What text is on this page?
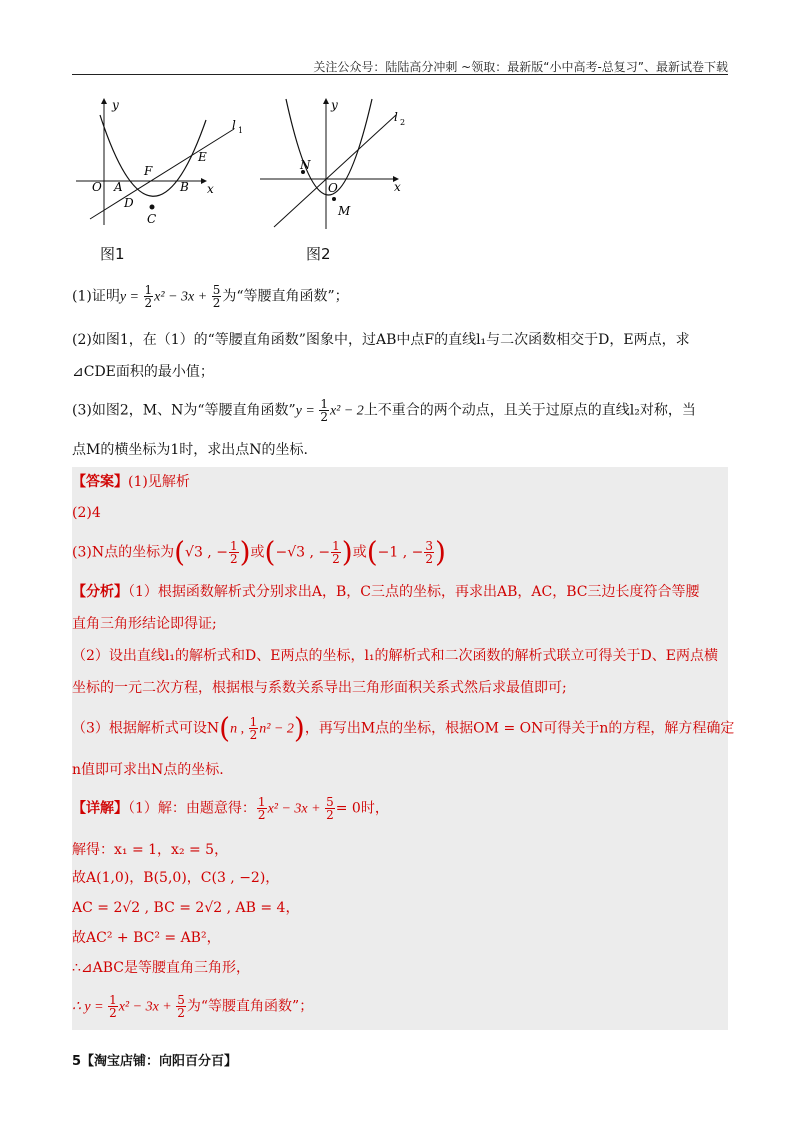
关注公众号：陆陆高分冲刺 ~领取：最新版“小中高考-总复习”、最新试卷下载
y
x
O A	B
C
D
E
F
l 1
图1
y
x
O
M
N
l 2
图2
(1)证明$y = \frac{1}{2} x^2 - 3x + \frac{5}{2}$ 为“等腰直角函数”；
(2)如图1，在（1）的“等腰直角函数”图象中，过AB中点F的直线l₁与二次函数相交于D，E两点，求
⊿CDE面积的最小值；
(3)如图2，M、N为“等腰直角函数”y = $\frac{1}{2} x^2 - 2$上不重合的两个动点，且关于过原点的直线l₂对称，当
点M的横坐标为1时，求出点N的坐标.
【答案】(1)见解析
(2)4
(3)N点的坐标为(√3 , − $\frac{1}{2}$ )或(−√3 , − $\frac{1}{2}$ )或(−1 , − $\frac{3}{2}$ )
【分析】（1）根据函数解析式分别求出A，B，C三点的坐标，再求出AB，AC，BC三边长度符合等腰
直角三角形结论即得证;
（2）设出直线l₁的解析式和D、E两点的坐标，l₁的解析式和二次函数的解析式联立可得关于D、E两点横
坐标的一元二次方程，根据根与系数关系导出三角形面积关系式然后求最值即可;
（3）根据解析式可设N(n , $\frac{1}{2} n^2 - 2$)，再写出M点的坐标，根据OM = ON可得关于n的方程，解方程确定
n值即可求出N点的坐标.
【详解】（1）解：由题意得： $\frac{1}{2} x^2 - 3x + \frac{5}{2} = 0$时，
解得：x₁ = 1，x₂ = 5，
故A(1,0)，B(5,0)，C(3 , −2)，
AC = 2√2 , BC = 2√2 , AB = 4，
故AC² + BC² = AB²，
∴⊿ABC是等腰直角三角形，
∴ $y = \frac{1}{2} x^2 - 3x + \frac{5}{2}$ 为“等腰直角函数”；
5【淘宝店铺：向阳百分百】
